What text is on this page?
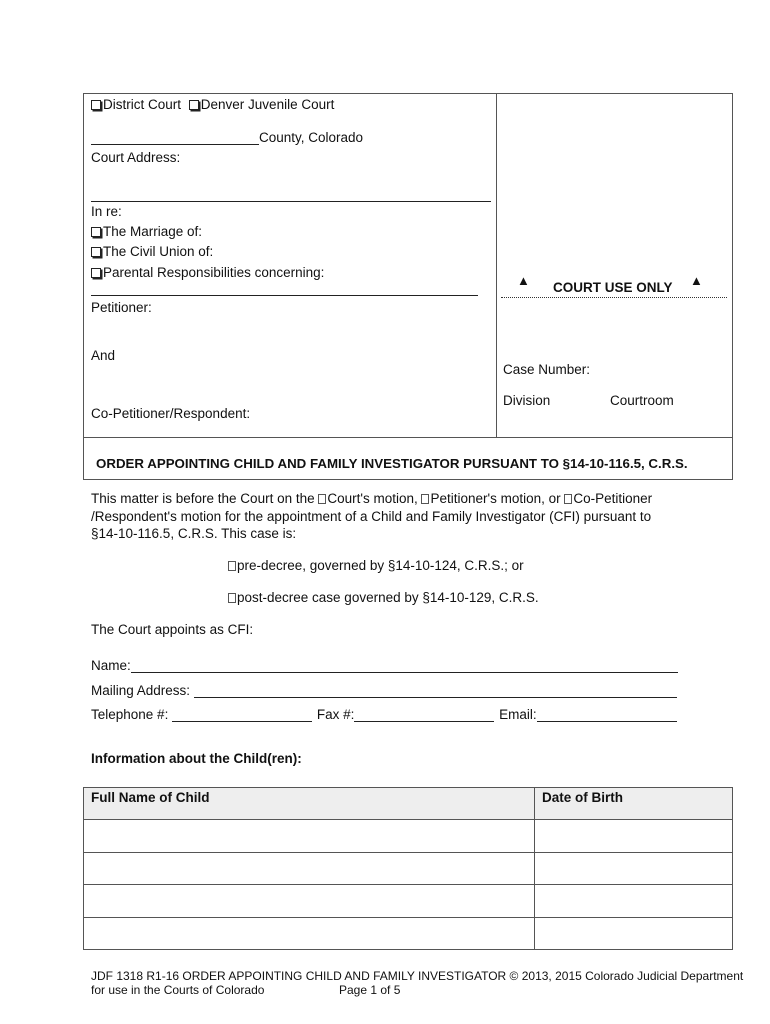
District Court Denver Juvenile Court
County, Colorado
Court Address:
In re:
The Marriage of:
The Civil Union of:
Parental Responsibilities concerning:
Petitioner:
And
Co-Petitioner/Respondent:
▲ COURT USE ONLY ▲
Case Number:
Division	Courtroom
ORDER APPOINTING CHILD AND FAMILY INVESTIGATOR PURSUANT TO §14-10-116.5, C.R.S.
This matter is before the Court on the Court's motion, Petitioner's motion, or Co-Petitioner
/Respondent's motion for the appointment of a Child and Family Investigator (CFI) pursuant to
§14-10-116.5, C.R.S. This case is:
pre-decree, governed by §14-10-124, C.R.S.; or
post-decree case governed by §14-10-129, C.R.S.
The Court appoints as CFI:
Name:
Mailing Address:
Telephone #:	Fax #:	Email:
Information about the Child(ren):
Full Name of Child	Date of Birth
JDF 1318 R1-16 ORDER APPOINTING CHILD AND FAMILY INVESTIGATOR © 2013, 2015 Colorado Judicial Department
for use in the Courts of Colorado	Page 1 of 5
